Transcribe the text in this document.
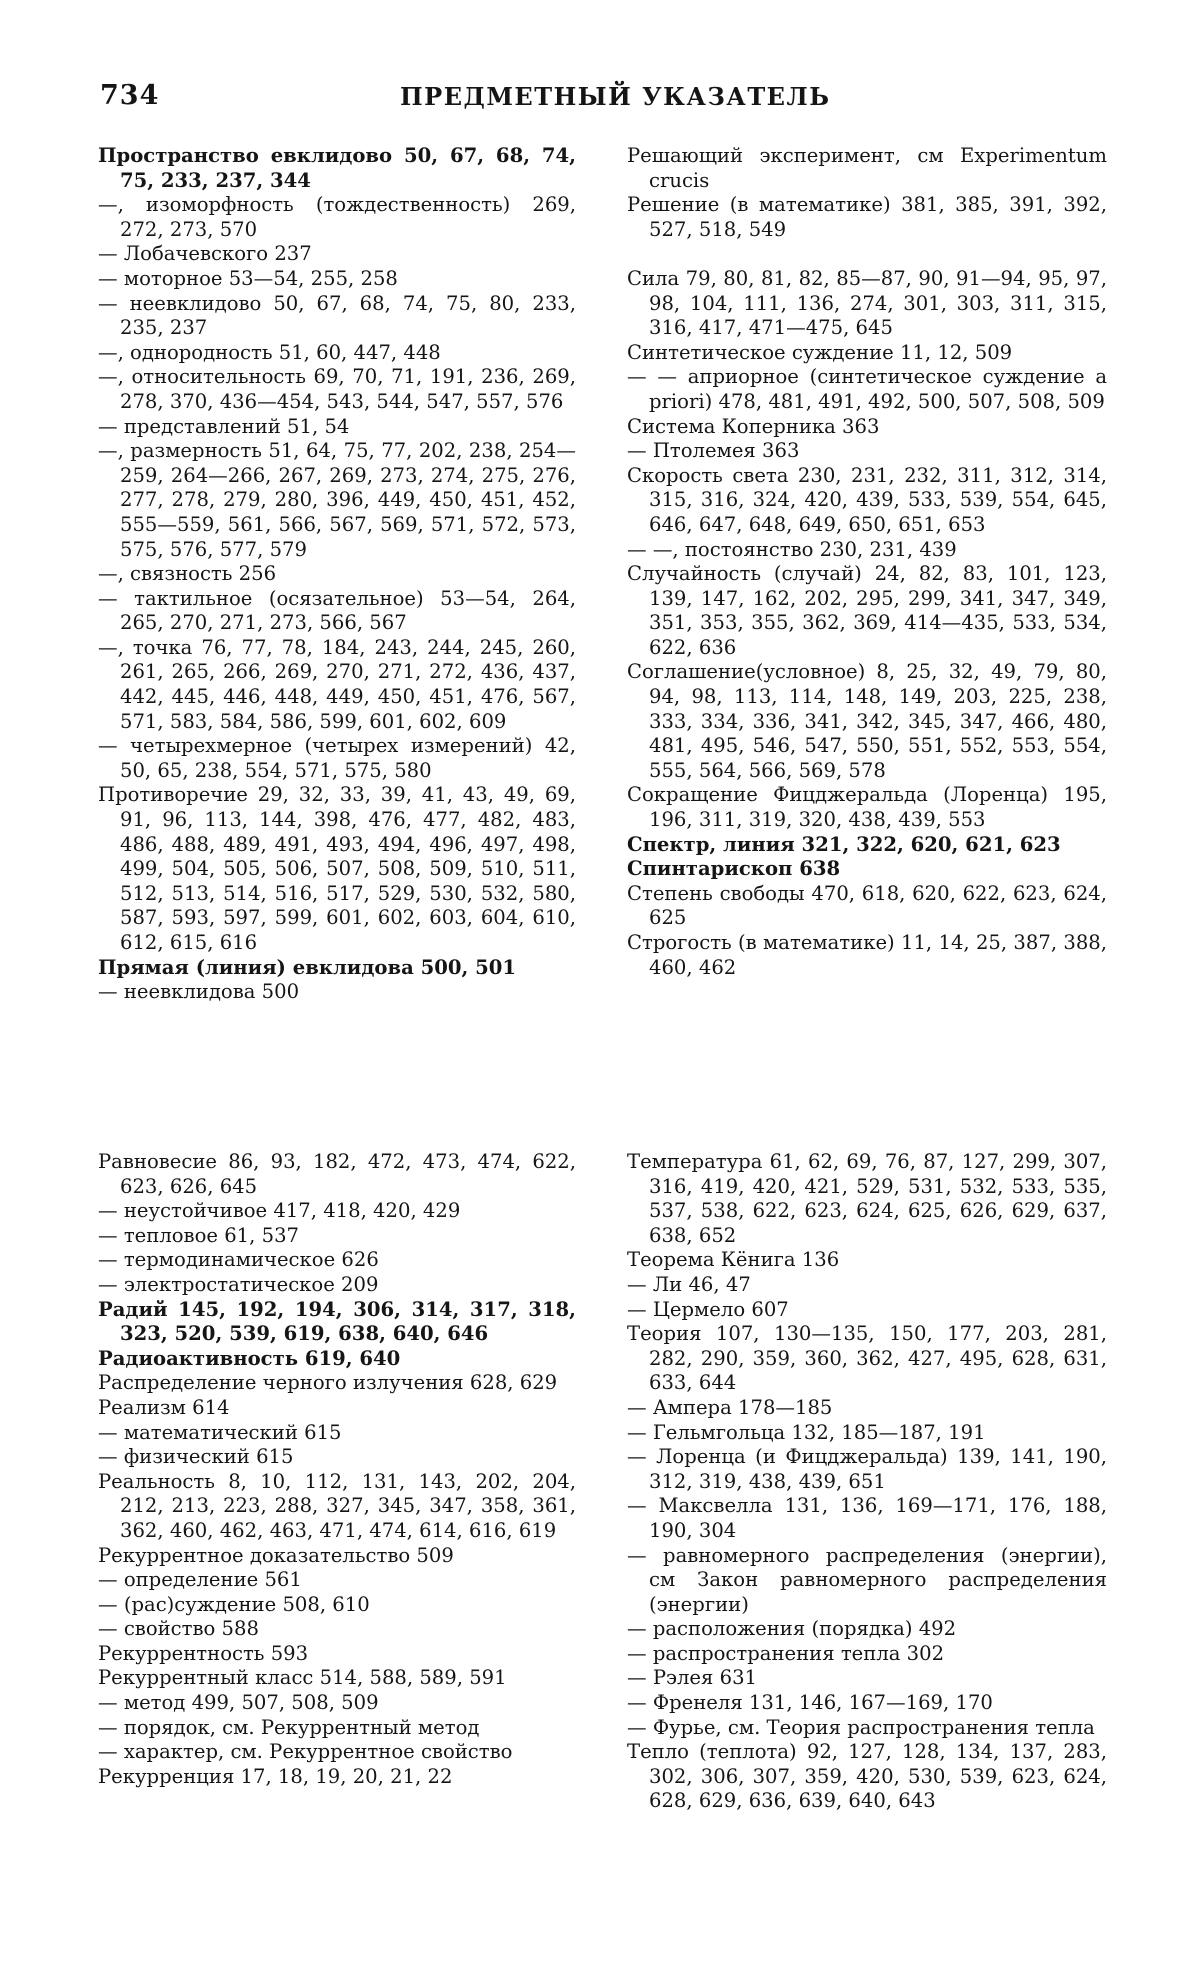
734	ПРЕДМЕТНЫЙ УКАЗАТЕЛЬ

Пространство евклидово 50, 67, 68, 74, 75, 233, 237, 344

—, изоморфность (тождественность) 269, 272, 273, 570

— Лобачевского 237

— моторное 53—54, 255, 258

— неевклидово 50, 67, 68, 74, 75, 80, 233, 235, 237

—, однородность 51, 60, 447, 448

—, относительность 69, 70, 71, 191, 236, 269, 278, 370, 436—454, 543, 544, 547, 557, 576

— представлений 51, 54

—, размерность 51, 64, 75, 77, 202, 238, 254—259, 264—266, 267, 269, 273, 274, 275, 276, 277, 278, 279, 280, 396, 449, 450, 451, 452, 555—559, 561, 566, 567, 569, 571, 572, 573, 575, 576, 577, 579

—, связность 256

— тактильное (осязательное) 53—54, 264, 265, 270, 271, 273, 566, 567

—, точка 76, 77, 78, 184, 243, 244, 245, 260, 261, 265, 266, 269, 270, 271, 272, 436, 437, 442, 445, 446, 448, 449, 450, 451, 476, 567, 571, 583, 584, 586, 599, 601, 602, 609

— четырехмерное (четырех измерений) 42, 50, 65, 238, 554, 571, 575, 580

Противоречие 29, 32, 33, 39, 41, 43, 49, 69, 91, 96, 113, 144, 398, 476, 477, 482, 483, 486, 488, 489, 491, 493, 494, 496, 497, 498, 499, 504, 505, 506, 507, 508, 509, 510, 511, 512, 513, 514, 516, 517, 529, 530, 532, 580, 587, 593, 597, 599, 601, 602, 603, 604, 610, 612, 615, 616

Прямая (линия) евклидова 500, 501

— неевклидова 500

Решающий эксперимент, см Experimentum crucis

Решение (в математике) 381, 385, 391, 392, 527, 518, 549

Сила 79, 80, 81, 82, 85—87, 90, 91—94, 95, 97, 98, 104, 111, 136, 274, 301, 303, 311, 315, 316, 417, 471—475, 645

Синтетическое суждение 11, 12, 509

— — априорное (синтетическое суждение a priori) 478, 481, 491, 492, 500, 507, 508, 509

Система Коперника 363

— Птолемея 363

Скорость света 230, 231, 232, 311, 312, 314, 315, 316, 324, 420, 439, 533, 539, 554, 645, 646, 647, 648, 649, 650, 651, 653

— —, постоянство 230, 231, 439

Случайность (случай) 24, 82, 83, 101, 123, 139, 147, 162, 202, 295, 299, 341, 347, 349, 351, 353, 355, 362, 369, 414—435, 533, 534, 622, 636

Соглашение(условное) 8, 25, 32, 49, 79, 80, 94, 98, 113, 114, 148, 149, 203, 225, 238, 333, 334, 336, 341, 342, 345, 347, 466, 480, 481, 495, 546, 547, 550, 551, 552, 553, 554, 555, 564, 566, 569, 578

Сокращение Фицджеральда (Лоренца) 195, 196, 311, 319, 320, 438, 439, 553

Спектр, линия 321, 322, 620, 621, 623

Спинтарископ 638

Степень свободы 470, 618, 620, 622, 623, 624, 625

Строгость (в математике) 11, 14, 25, 387, 388, 460, 462

Равновесие 86, 93, 182, 472, 473, 474, 622, 623, 626, 645

— неустойчивое 417, 418, 420, 429

— тепловое 61, 537

— термодинамическое 626

— электростатическое 209

Радий 145, 192, 194, 306, 314, 317, 318, 323, 520, 539, 619, 638, 640, 646

Радиоактивность 619, 640

Распределение черного излучения 628, 629

Реализм 614

— математический 615

— физический 615

Реальность 8, 10, 112, 131, 143, 202, 204, 212, 213, 223, 288, 327, 345, 347, 358, 361, 362, 460, 462, 463, 471, 474, 614, 616, 619

Рекуррентное доказательство 509

— определение 561

— (рас)суждение 508, 610

— свойство 588

Рекуррентность 593

Рекуррентный класс 514, 588, 589, 591

— метод 499, 507, 508, 509

— порядок, см. Рекуррентный метод

— характер, см. Рекуррентное свойство

Рекурренция 17, 18, 19, 20, 21, 22

Температура 61, 62, 69, 76, 87, 127, 299, 307, 316, 419, 420, 421, 529, 531, 532, 533, 535, 537, 538, 622, 623, 624, 625, 626, 629, 637, 638, 652

Теорема Кёнига 136

— Ли 46, 47

— Цермело 607

Теория 107, 130—135, 150, 177, 203, 281, 282, 290, 359, 360, 362, 427, 495, 628, 631, 633, 644

— Ампера 178—185

— Гельмгольца 132, 185—187, 191

— Лоренца (и Фицджеральда) 139, 141, 190, 312, 319, 438, 439, 651

— Максвелла 131, 136, 169—171, 176, 188, 190, 304

— равномерного распределения (энергии), см Закон равномерного распределения (энергии)

— расположения (порядка) 492

— распространения тепла 302

— Рэлея 631

— Френеля 131, 146, 167—169, 170

— Фурье, см. Теория распространения тепла

Тепло (теплота) 92, 127, 128, 134, 137, 283, 302, 306, 307, 359, 420, 530, 539, 623, 624, 628, 629, 636, 639, 640, 643
